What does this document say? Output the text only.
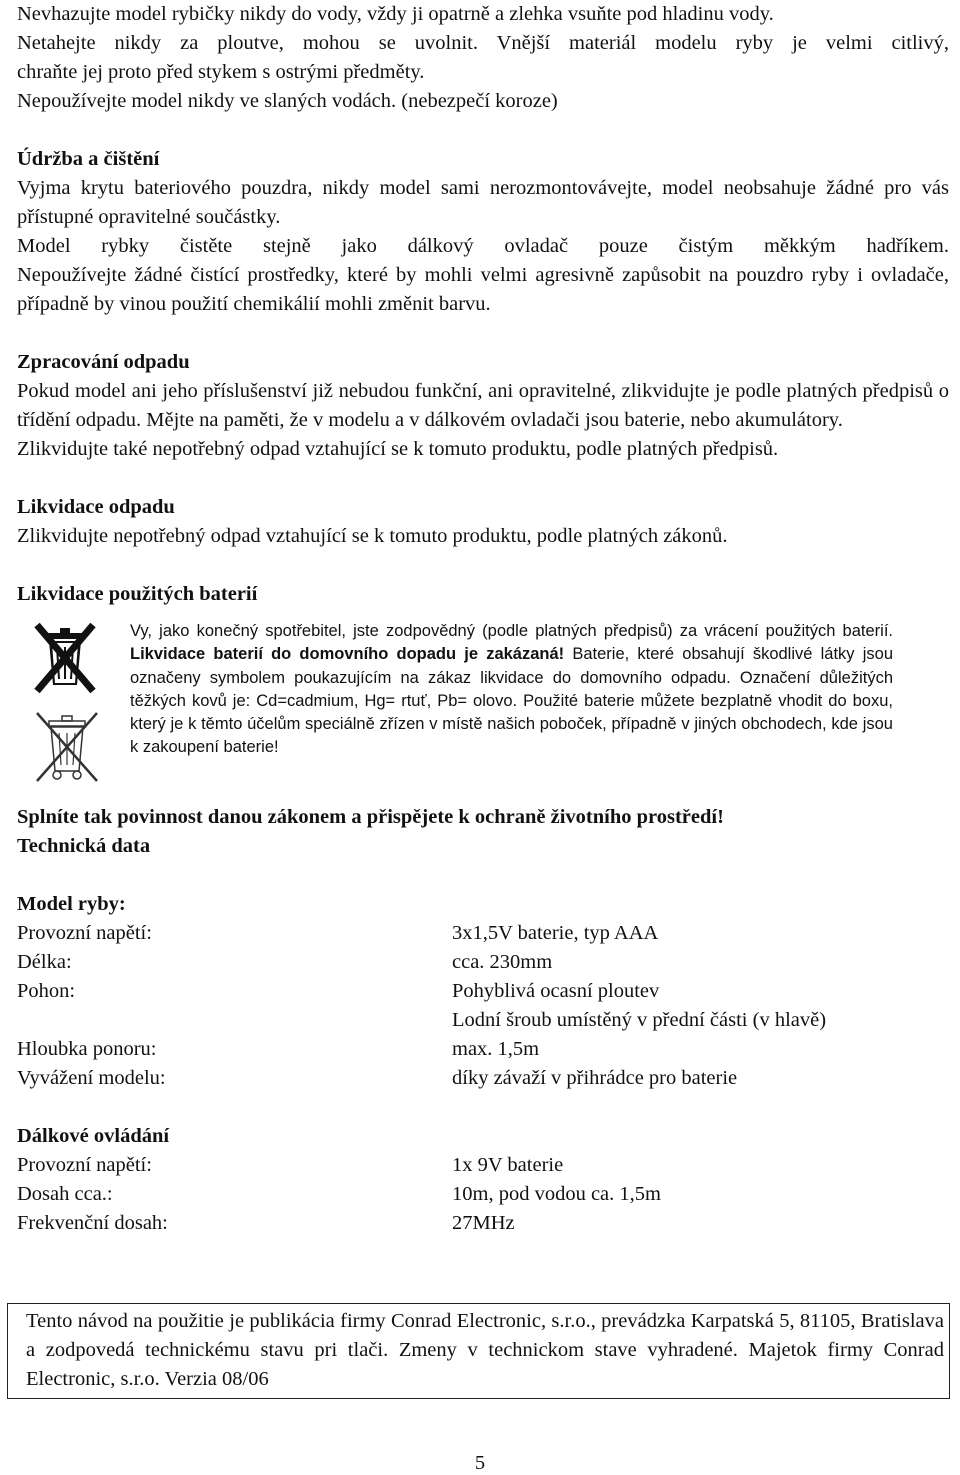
Nevhazujte model rybičky nikdy do vody, vždy ji opatrně a zlehka vsuňte pod hladinu vody.

Netahejte nikdy za ploutve, mohou se uvolnit. Vnější materiál modelu ryby je velmi citlivý,

chraňte jej proto před stykem s ostrými předměty.

Nepoužívejte model nikdy ve slaných vodách. (nebezpečí koroze)

Údržba a čištění

Vyjma krytu bateriového pouzdra, nikdy model sami nerozmontovávejte, model neobsahuje žádné pro vás přístupné opravitelné součástky.

Model rybky čistěte stejně jako dálkový ovladač pouze čistým měkkým hadříkem.

Nepoužívejte žádné čistící prostředky, které by mohli velmi agresivně zapůsobit na pouzdro ryby i ovladače, případně by vinou použití chemikálií mohli změnit barvu.

Zpracování odpadu

Pokud model ani jeho příslušenství již nebudou funkční, ani opravitelné, zlikvidujte je podle platných předpisů o třídění odpadu. Mějte na paměti, že v modelu a v dálkovém ovladači jsou baterie, nebo akumulátory.

Zlikvidujte také nepotřebný odpad vztahující se k tomuto produktu, podle platných předpisů.

Likvidace odpadu

Zlikvidujte nepotřebný odpad vztahující se k tomuto produktu, podle platných zákonů.

Likvidace použitých baterií

Vy, jako konečný spotřebitel, jste zodpovědný (podle platných předpisů) za vrácení použitých baterií. Likvidace baterií do domovního dopadu je zakázaná! Baterie, které obsahují škodlivé látky jsou označeny symbolem poukazujícím na zákaz likvidace do domovního odpadu. Označení důležitých těžkých kovů je: Cd=cadmium, Hg= rtuť, Pb= olovo. Použité baterie můžete bezplatně vhodit do boxu, který je k těmto účelům speciálně zřízen v místě našich poboček, případně v jiných obchodech, kde jsou k zakoupení baterie!

Splníte tak povinnost danou zákonem a přispějete k ochraně životního prostředí!

Technická data

Model ryby:

Provozní napětí:	3x1,5V baterie, typ AAA
Délka:	cca. 230mm
Pohon:	Pohyblivá ocasní ploutev
Lodní šroub umístěný v přední části (v hlavě)
Hloubka ponoru:	max. 1,5m
Vyvážení modelu:	díky závaží v přihrádce pro baterie

Dálkové ovládání

Provozní napětí:	1x 9V baterie
Dosah cca.:	10m, pod vodou ca. 1,5m
Frekvenční dosah:	27MHz

Tento návod na použitie je publikácia firmy Conrad Electronic, s.r.o., prevádzka Karpatská 5, 81105, Bratislava a zodpovedá technickému stavu pri tlači. Zmeny v technickom stave vyhradené. Majetok firmy Conrad Electronic, s.r.o. Verzia 08/06

5
